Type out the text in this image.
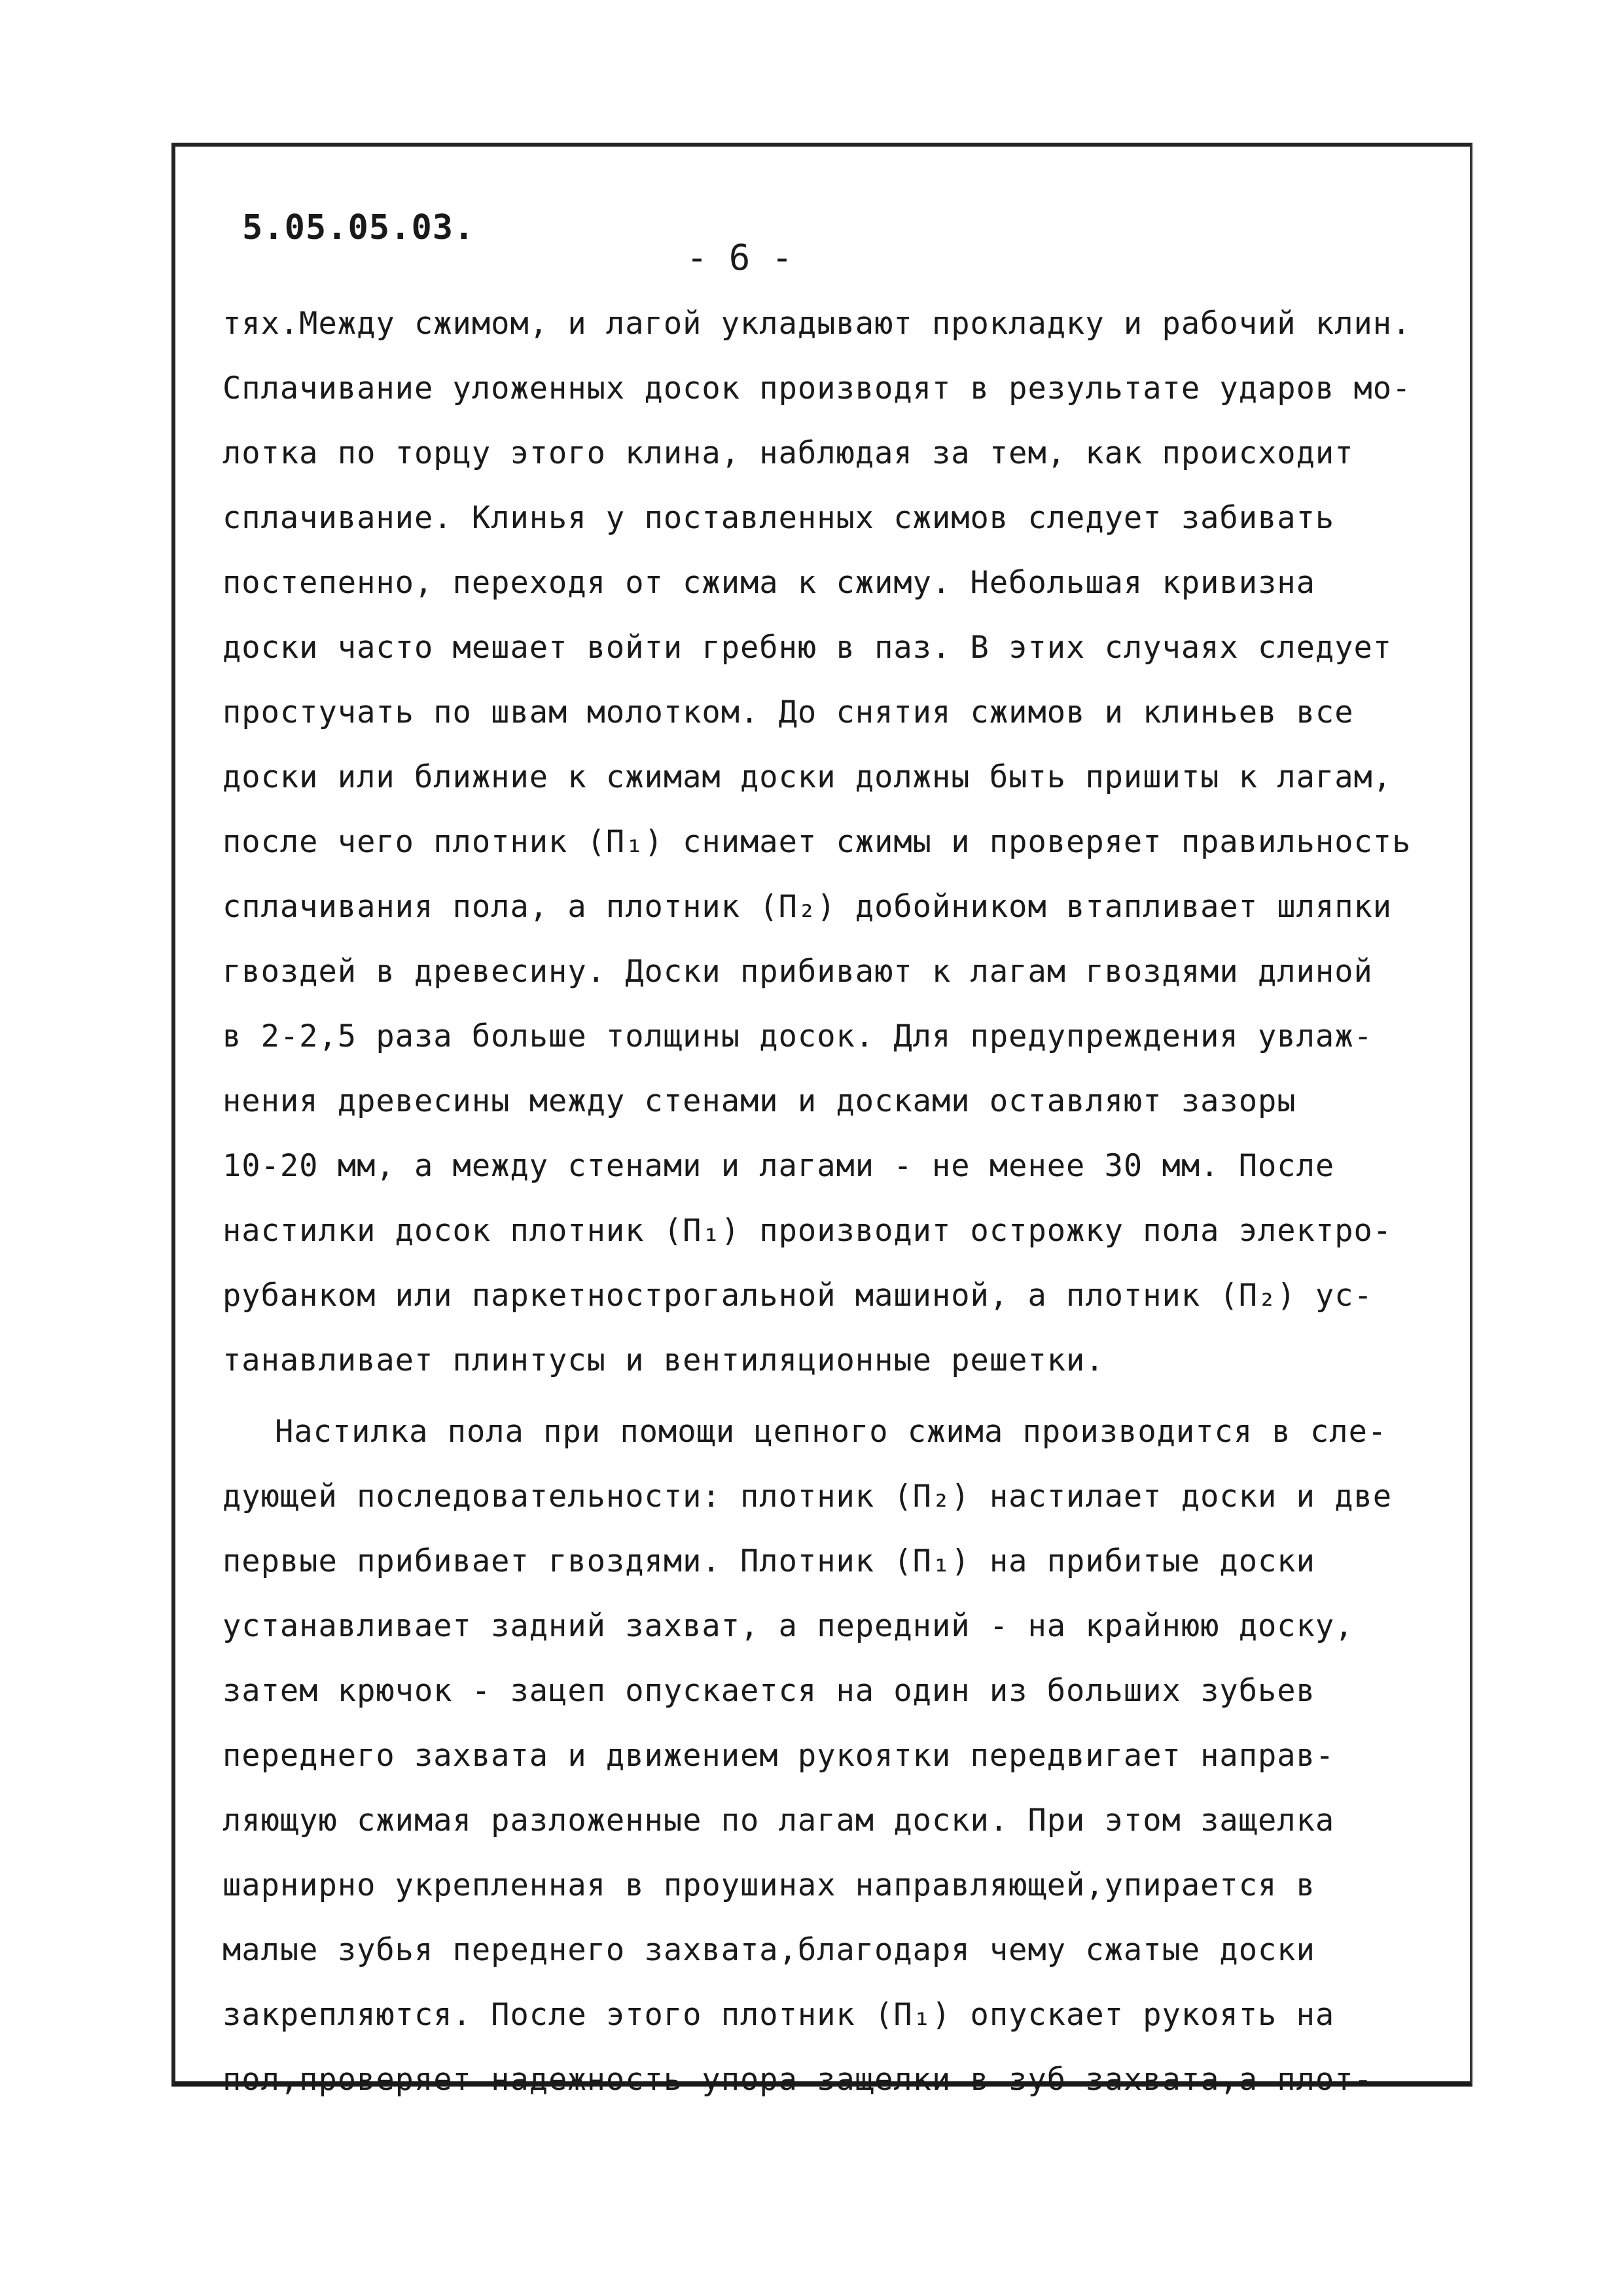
5.05.05.03.
- 6 -
тях.Между сжимом, и лагой укладывают прокладку и рабочий клин.
Сплачивание уложенных досок производят в результате ударов мо-
лотка по торцу этого клина, наблюдая за тем, как происходит
сплачивание. Клинья у поставленных сжимов следует забивать
постепенно, переходя от сжима к сжиму. Небольшая кривизна
доски часто мешает войти гребню в паз. В этих случаях следует
простучать по швам молотком. До снятия сжимов и клиньев все
доски или ближние к сжимам доски должны быть пришиты к лагам,
после чего плотник (П₁) снимает сжимы и проверяет правильность
сплачивания пола, а плотник (П₂) добойником втапливает шляпки
гвоздей в древесину. Доски прибивают к лагам гвоздями длиной
в 2-2,5 раза больше толщины досок. Для предупреждения увлаж-
нения древесины между стенами и досками оставляют зазоры
10-20 мм, а между стенами и лагами - не менее 30 мм. После
настилки досок плотник (П₁) производит острожку пола электро-
рубанком или паркетнострогальной машиной, а плотник (П₂) ус-
танавливает плинтусы и вентиляционные решетки.
Настилка пола при помощи цепного сжима производится в сле-
дующей последовательности: плотник (П₂) настилает доски и две
первые прибивает гвоздями. Плотник (П₁) на прибитые доски
устанавливает задний захват, а передний - на крайнюю доску,
затем крючок - зацеп опускается на один из больших зубьев
переднего захвата и движением рукоятки передвигает направ-
ляющую сжимая разложенные по лагам доски. При этом защелка
шарнирно укрепленная в проушинах направляющей,упирается в
малые зубья переднего захвата,благодаря чему сжатые доски
закрепляются. После этого плотник (П₁) опускает рукоять на
пол,проверяет надежность упора защелки в зуб захвата,а плот-
